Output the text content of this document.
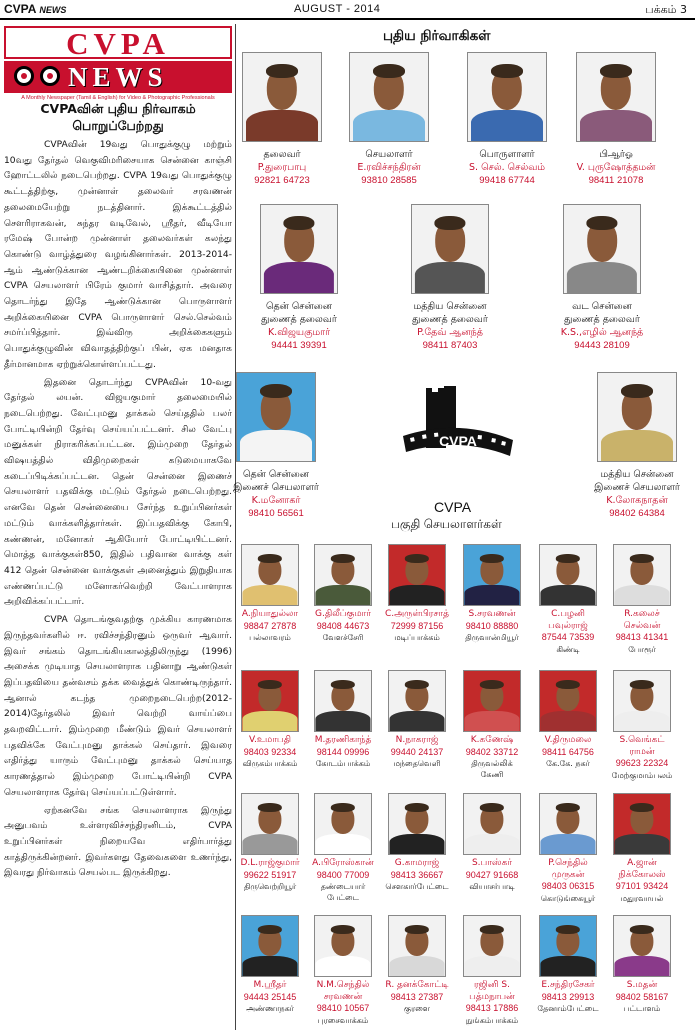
CVPA NEWS	AUGUST - 2014	பக்கம் 3
CVPA
NEWS
A Monthly Newspaper (Tamil & English) for Video & Photographic Professionals
CVPAவின் புதிய நிர்வாகம்
பொறுப்பேற்றது

CVPAவின் 19வது பொதுக்குழு மற்றும் 10வது தேர்தல் வெகுவிமரிசையாக சென்னை காஞ்சி ஹோட்டலில் நடைபெற்றது. CVPA 19வது பொதுக்குழு கூட்டத்திற்கு, முன்னாள் தலைவர் சரவணன் தலைமையேற்று நடத்தினார். இக்கூட்டத்தில் சௌரிராகவன், சுந்தர வடிவேல், ஸ்ரீதர், வீடியோ ரமேஷ் போன்ற முன்னாள் தலைவர்கள் கலந்து கொண்டு வாழ்த்துரை வழங்கினார்கள். 2013-2014-ஆம் ஆண்டுக்கான ஆண்டறிக்கையினை முன்னாள் CVPA செயலாளர் பிரேம் குமார் வாசித்தார். அவரை தொடர்ந்து இதே ஆண்டுக்கான பொருளாளர் அறிக்கையினை CVPA பொருளாளர் செல்.செல்வம் சமர்ப்பித்தார். இவ்விரு அறிக்கைகளும் பொதுக்குழுவின் விவாதத்திற்குப் பின், ஏக மனதாக தீர்மானமாக ஏற்றுக்கொள்ளப்பட்டது.

இதனை தொடர்ந்து CVPAவின் 10-வது தேர்தல் லயன். விஜயகுமார் தலைமையில் நடைபெற்றது. வேட்புமனு தாக்கல் செய்ததில் பலர் போட்டியின்றி தேர்வு செய்யப்பட்டனர். சில வேட்பு மனுக்கள் நிராகரிக்கப்பட்டன. இம்முறை தேர்தல் விஷயத்தில் விதிமுறைகள் கடுமையாகவே கடைப்பிடிக்கப்பட்டன. தென் சென்னை இணைச் செயலாளர் பதவிக்கு மட்டும் தேர்தல் நடைபெற்றது. எனவே தென் சென்னையை சேர்ந்த உறுப்பினர்கள் மட்டும் வாக்களித்தார்கள். இப்பதவிக்கு கோபி, கண்ணன், மனோகர் ஆகியோர் போட்டியிட்டனர். மொத்த வாக்குகள்850, இதில் பதிவான வாக்கு கள் 412 தென் சென்னை வாக்குகள் அனைத்தும் இறுதியாக எண்ணப்பட்டு மனோகர்வெற்றி வேட்பாளராக அறிவிக்கப்பட்டார்.

CVPA தொடங்குவதற்கு முக்கிய காரணமாக இருந்தவர்களில் ஈ. ரவிச்சந்திரனும் ஒருவர் ஆவார். இவர் சங்கம் தொடங்கியகாலத்திலிருந்து (1996) அசைக்க முடியாத செயலாளராக பதினாறு ஆண்டுகள் இப்பதவியை தன்வசம் தக்க வைத்துக் கொண்டிருந்தார். ஆனால் கடந்த முறைநடைபெற்ற(2012-2014)தேர்தலில் இவர் வெற்றி வாய்ப்பை தவறவிட்டார். இம்முறை மீண்டும் இவர் செயலாளர் பதவிக்கே வேட்புமனு தாக்கல் செய்தார். இவரை எதிர்த்து யாரும் வேட்புமனு தாக்கல் செய்யாத காரணத்தால் இம்முறை போட்டியின்றி CVPA செயலாளராக தேர்வு செய்யப்பட்டுள்ளார்.

ஏற்கனவே சங்க செயலாளராக இருந்து அனுபவம் உள்ளரவிச்சந்திரனிடம், CVPA உறுப்பினர்கள் நிறையவே எதிர்பார்த்து காத்திருக்கின்றனர். இவர்களது தேவைகளை உணர்ந்து, இவரது நிர்வாகம் செயல்பட இருக்கிறது.

புதிய நிர்வாகிகள்
தலைவர்
P.துரைபாபு
92821 64723
செயலாளர்
E.ரவிச்சந்திரன்
93810 28585
பொருளாளர்
S. செல். செல்வம்
99418 67744
பிஆர்ஓ
V. புருஷோத்தமன்
98411 21078
தென் சென்னை
துணைத் தலைவர்
K.விஜயகுமார்
94441 39391
மத்திய சென்னை
துணைத் தலைவர்
P.தேவ் ஆனந்த்
98411 87403
வட சென்னை
துணைத் தலைவர்
K.S.,எழில் ஆனந்த்
94443 28109
தென் சென்னை
இணைச் செயலாளர்
K.மனோகர்
98410 56561
மத்திய சென்னை
இணைச் செயலாளர்
K.லோகநாதன்
98402 64384
CVPA
CVPA
பகுதி செயலாளர்கள்
A.நியாதுல்லா
98847 27878
பல்லாவரம்
G.திலீப்குமார்
98408 44673
வேளச்சேரி
C.அருள்பிரசாத்
72999 87156
மடிப்பாக்கம்
S.சரவணன்
98410 88880
திருவான்மியூர்
C.பழனி
பவுல்ராஜ்
87544 73539
கிண்டி
R.கலைச்
செல்வன்
98413 41341
போரூர்
V.உமாபதி
98403 92334
விருகம்பாக்கம்
M.தரணிகாந்த்
98144 09996
கோடம்பாக்கம்
N.நாகராஜ்
99440 24137
மந்தைவெளி
K.கணேஷ்
98402 33712
திருவல்லிக்
கேணி
V.திருமலை
98411 64756
கே.கே. நகர்
S.வெங்கட்
ராமன்
99623 22324
மேற்குமாம்பலம்
D.L.ராஜ்குமார்
99622 51917
திருவெற்றியூர்
A.பிரோஸ்கான்
98400 77009
தண்டையார்
பேட்டை
G.காமராஜ்
98413 36667
சௌகார்பேட்டை
S.பாஸ்கர்
90427 91668
வியாசர்பாடி
P.செந்தில்
முருகன்
98403 06315
கொடுங்கையூர்
A.ஜான்
நிக்கோலஸ்
97101 93424
மதுரவாயல்
M.ஸ்ரீதர்
94443 25145
அண்ணாநகர்
N.M.செந்தில்
சரவணன்
98410 10567
புரசைவாக்கம்
R. தனக்கோட்டி
98413 27387
குரளை
ரஜினி S.
பத்மநாபன்
98413 17886
நுங்கம்பாக்கம்
E.சந்திரசேகர்
98413 29913
தேனாம்பேட்டை
S.மதன்
98402 58167
பட்டாளம்
